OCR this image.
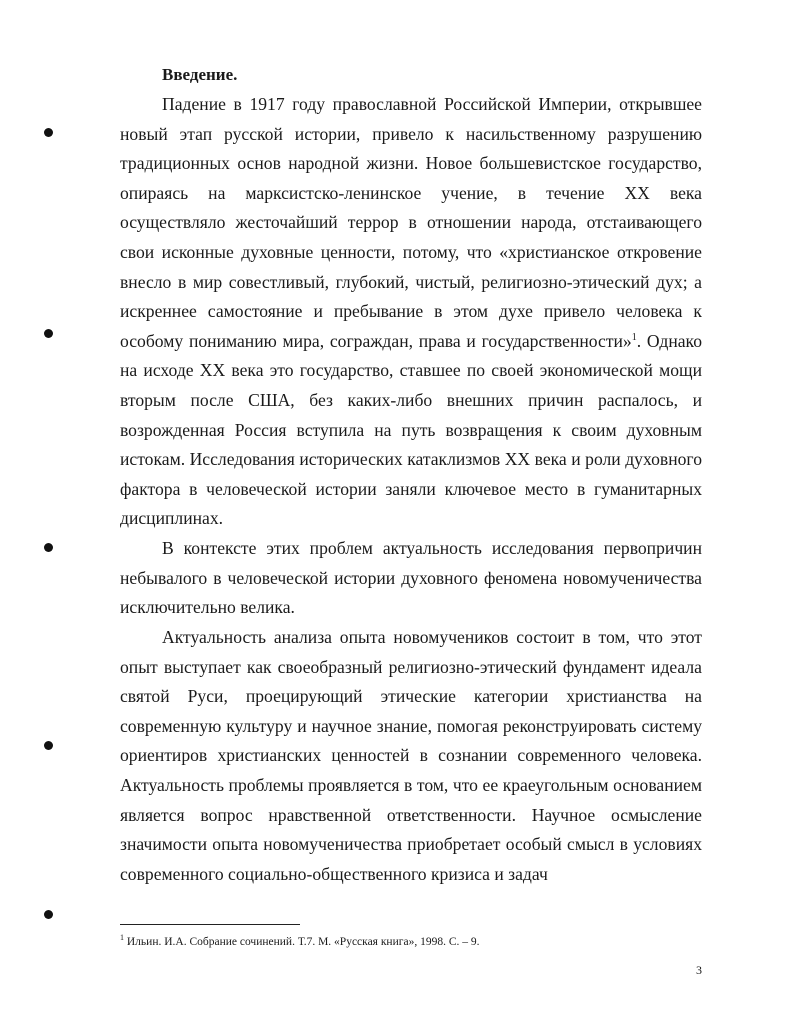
Введение.

Падение в 1917 году православной Российской Империи, открывшее новый этап русской истории, привело к насильственному разрушению традиционных основ народной жизни. Новое большевистское государство, опираясь на марксистско-ленинское учение, в течение XX века осуществляло жесточайший террор в отношении народа, отстаивающего свои исконные духовные ценности, потому, что «христианское откровение внесло в мир совестливый, глубокий, чистый, религиозно-этический дух; а искреннее самостояние и пребывание в этом духе привело человека к особому пониманию мира, сограждан, права и государственности»$^1$. Однако на исходе XX века это государство, ставшее по своей экономической мощи вторым после США, без каких-либо внешних причин распалось, и возрожденная Россия вступила на путь возвращения к своим духовным истокам. Исследования исторических катаклизмов XX века и роли духовного фактора в человеческой истории заняли ключевое место в гуманитарных дисциплинах.

В контексте этих проблем актуальность исследования первопричин небывалого в человеческой истории духовного феномена новомученичества исключительно велика.

Актуальность анализа опыта новомучеников состоит в том, что этот опыт выступает как своеобразный религиозно-этический фундамент идеала святой Руси, проецирующий этические категории христианства на современную культуру и научное знание, помогая реконструировать систему ориентиров христианских ценностей в сознании современного человека. Актуальность проблемы проявляется в том, что ее краеугольным основанием является вопрос нравственной ответственности. Научное осмысление значимости опыта новомученичества приобретает особый смысл в условиях современного социально-общественного кризиса и задач

$^1$ Ильин. И.А. Собрание сочинений. Т.7. М. «Русская книга», 1998. С. – 9.
3
